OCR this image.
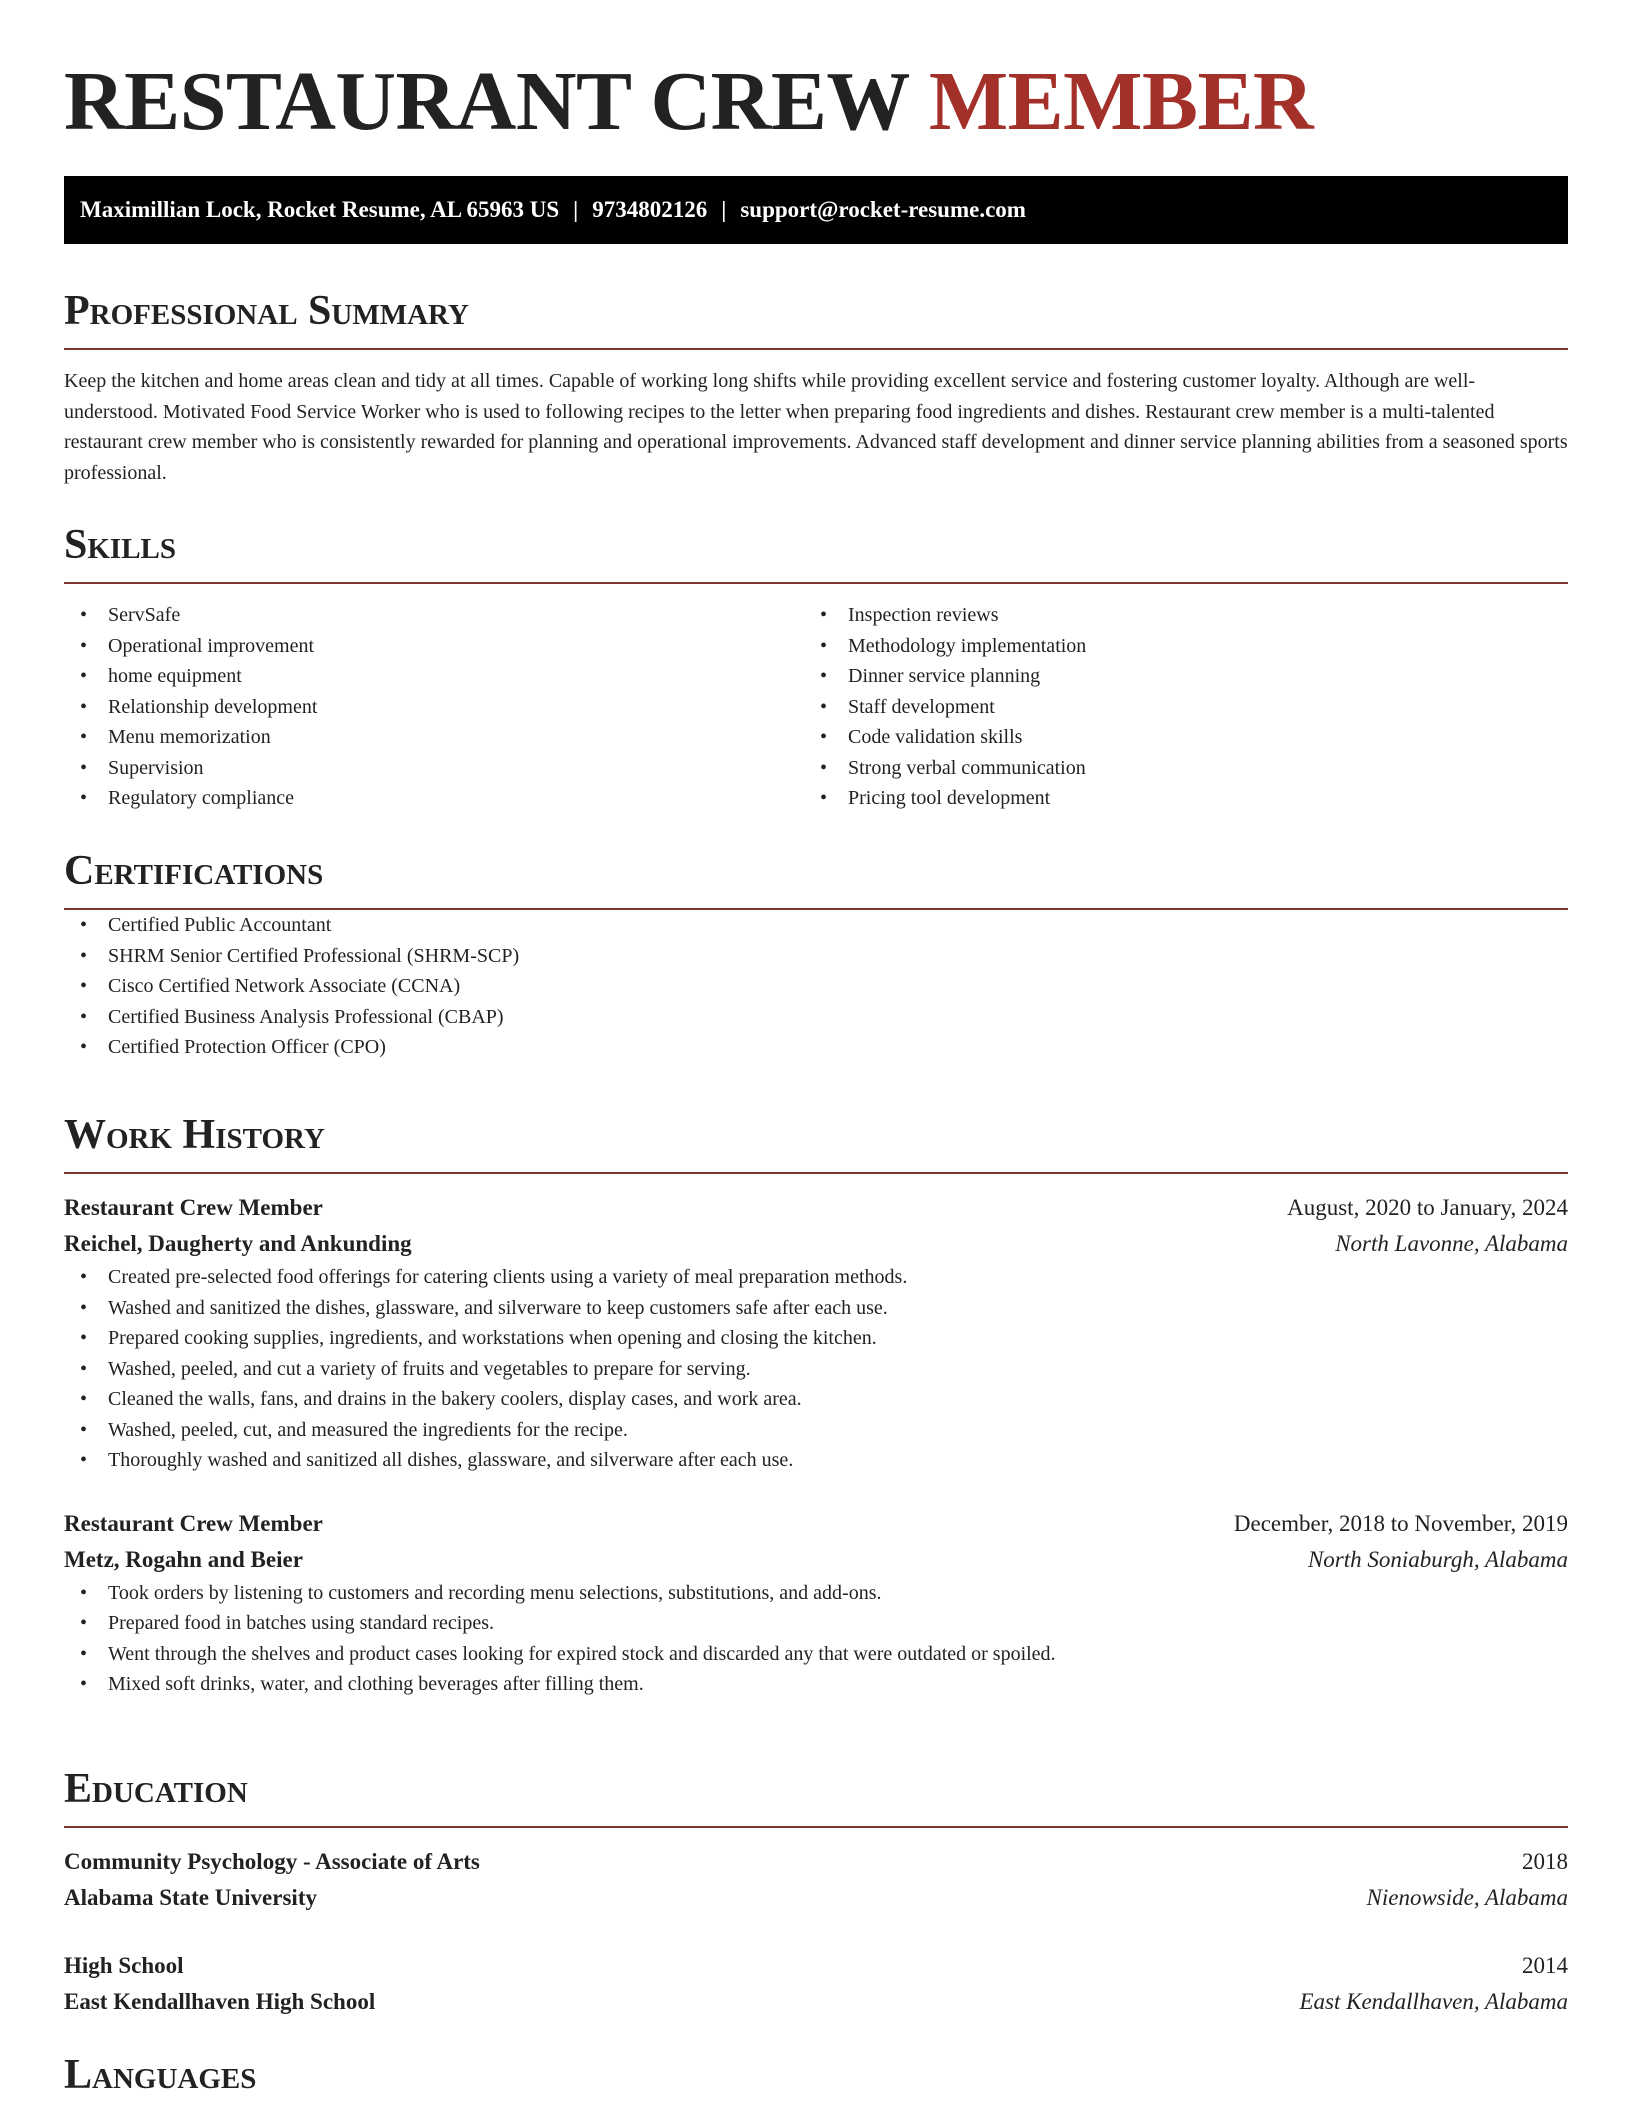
RESTAURANT CREW MEMBER
Maximillian Lock, Rocket Resume, AL 65963 US | 9734802126 | support@rocket-resume.com
Professional Summary

Keep the kitchen and home areas clean and tidy at all times. Capable of working long shifts while providing excellent service and fostering customer loyalty. Although are well-understood. Motivated Food Service Worker who is used to following recipes to the letter when preparing food ingredients and dishes. Restaurant crew member is a multi-talented restaurant crew member who is consistently rewarded for planning and operational improvements. Advanced staff development and dinner service planning abilities from a seasoned sports professional.

Skills
• ServSafe
• Operational improvement
• home equipment
• Relationship development
• Menu memorization
• Supervision
• Regulatory compliance
• Inspection reviews
• Methodology implementation
• Dinner service planning
• Staff development
• Code validation skills
• Strong verbal communication
• Pricing tool development
Certifications
• Certified Public Accountant
• SHRM Senior Certified Professional (SHRM-SCP)
• Cisco Certified Network Associate (CCNA)
• Certified Business Analysis Professional (CBAP)
• Certified Protection Officer (CPO)
Work History
Restaurant Crew Member	August, 2020 to January, 2024
Reichel, Daugherty and Ankunding	North Lavonne, Alabama
• Created pre-selected food offerings for catering clients using a variety of meal preparation methods.
• Washed and sanitized the dishes, glassware, and silverware to keep customers safe after each use.
• Prepared cooking supplies, ingredients, and workstations when opening and closing the kitchen.
• Washed, peeled, and cut a variety of fruits and vegetables to prepare for serving.
• Cleaned the walls, fans, and drains in the bakery coolers, display cases, and work area.
• Washed, peeled, cut, and measured the ingredients for the recipe.
• Thoroughly washed and sanitized all dishes, glassware, and silverware after each use.
Restaurant Crew Member	December, 2018 to November, 2019
Metz, Rogahn and Beier	North Soniaburgh, Alabama
• Took orders by listening to customers and recording menu selections, substitutions, and add-ons.
• Prepared food in batches using standard recipes.
• Went through the shelves and product cases looking for expired stock and discarded any that were outdated or spoiled.
• Mixed soft drinks, water, and clothing beverages after filling them.
Education
Community Psychology - Associate of Arts	2018
Alabama State University	Nienowside, Alabama
High School	2014
East Kendallhaven High School	East Kendallhaven, Alabama
Languages
